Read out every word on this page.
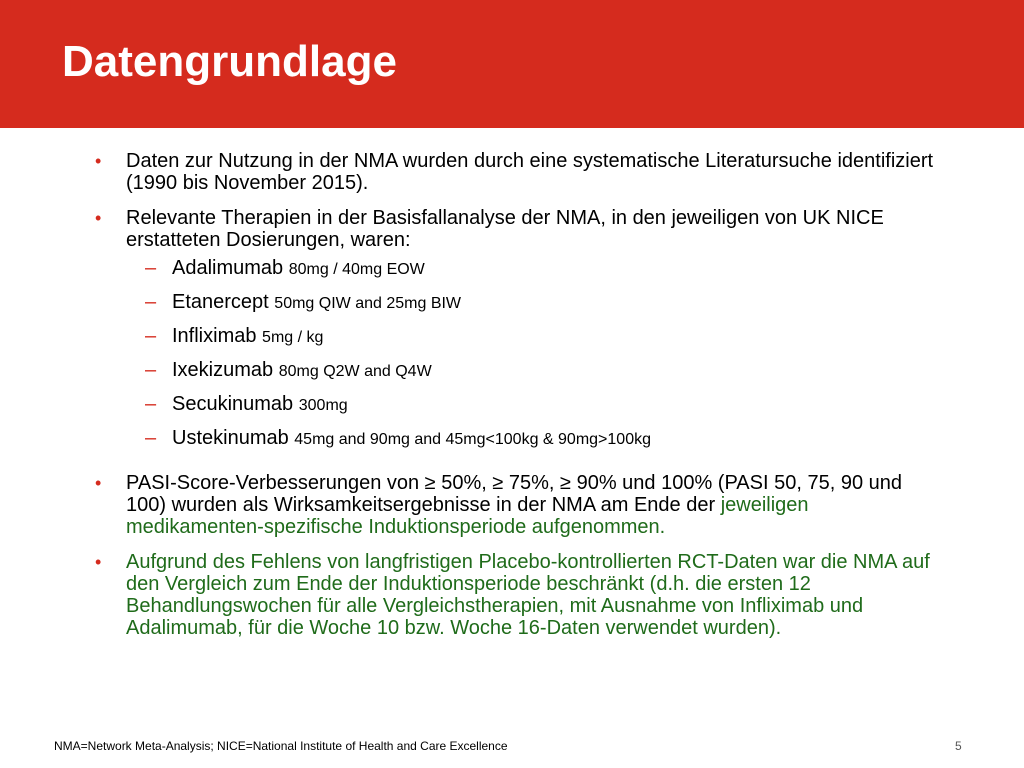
Datengrundlage
• Daten zur Nutzung in der NMA wurden durch eine systematische Literatursuche identifiziert (1990 bis November 2015).
• Relevante Therapien in der Basisfallanalyse der NMA, in den jeweiligen von UK NICE erstatteten Dosierungen, waren:
– Adalimumab 80mg / 40mg EOW
– Etanercept 50mg QIW and 25mg BIW
– Infliximab 5mg / kg
– Ixekizumab 80mg Q2W and Q4W
– Secukinumab 300mg
– Ustekinumab 45mg and 90mg and 45mg<100kg & 90mg>100kg
• PASI-Score-Verbesserungen von ≥ 50%, ≥ 75%, ≥ 90% und 100% (PASI 50, 75, 90 und 100) wurden als Wirksamkeitsergebnisse in der NMA am Ende der jeweiligen medikamenten-spezifische Induktionsperiode aufgenommen.
• Aufgrund des Fehlens von langfristigen Placebo-kontrollierten RCT-Daten war die NMA auf den Vergleich zum Ende der Induktionsperiode beschränkt (d.h. die ersten 12 Behandlungswochen für alle Vergleichstherapien, mit Ausnahme von Infliximab und Adalimumab, für die Woche 10 bzw. Woche 16-Daten verwendet wurden).
NMA=Network Meta-Analysis; NICE=National Institute of Health and Care Excellence	5
